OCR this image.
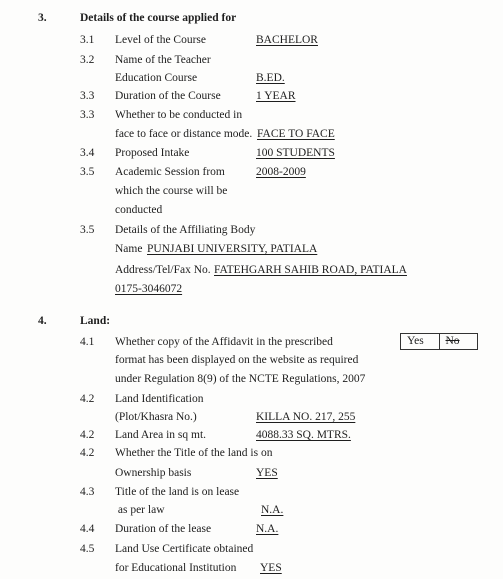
3.	Details of the course applied for
3.1 Level of the Course	BACHELOR
3.2 Name of the Teacher
Education Course	B.ED.
3.3 Duration of the Course	1 YEAR
3.3 Whether to be conducted in
face to face or distance mode. FACE TO FACE
3.4 Proposed Intake	100 STUDENTS
3.5 Academic Session from	2008-2009
which the course will be
conducted
3.5 Details of the Affiliating Body
Name PUNJABI UNIVERSITY, PATIALA
Address/Tel/Fax No. FATEHGARH SAHIB ROAD, PATIALA
0175-3046072
4.	Land:
4.1 Whether copy of the Affidavit in the prescribed
format has been displayed on the website as required
under Regulation 8(9) of the NCTE Regulations, 2007
Yes	No
4.2 Land Identification
(Plot/Khasra No.)	KILLA NO. 217, 255
4.2 Land Area in sq mt.	4088.33 SQ. MTRS.
4.2 Whether the Title of the land is on
Ownership basis	YES
4.3 Title of the land is on lease
as per law	N.A.
4.4 Duration of the lease	N.A.
4.5 Land Use Certificate obtained
for Educational Institution YES
